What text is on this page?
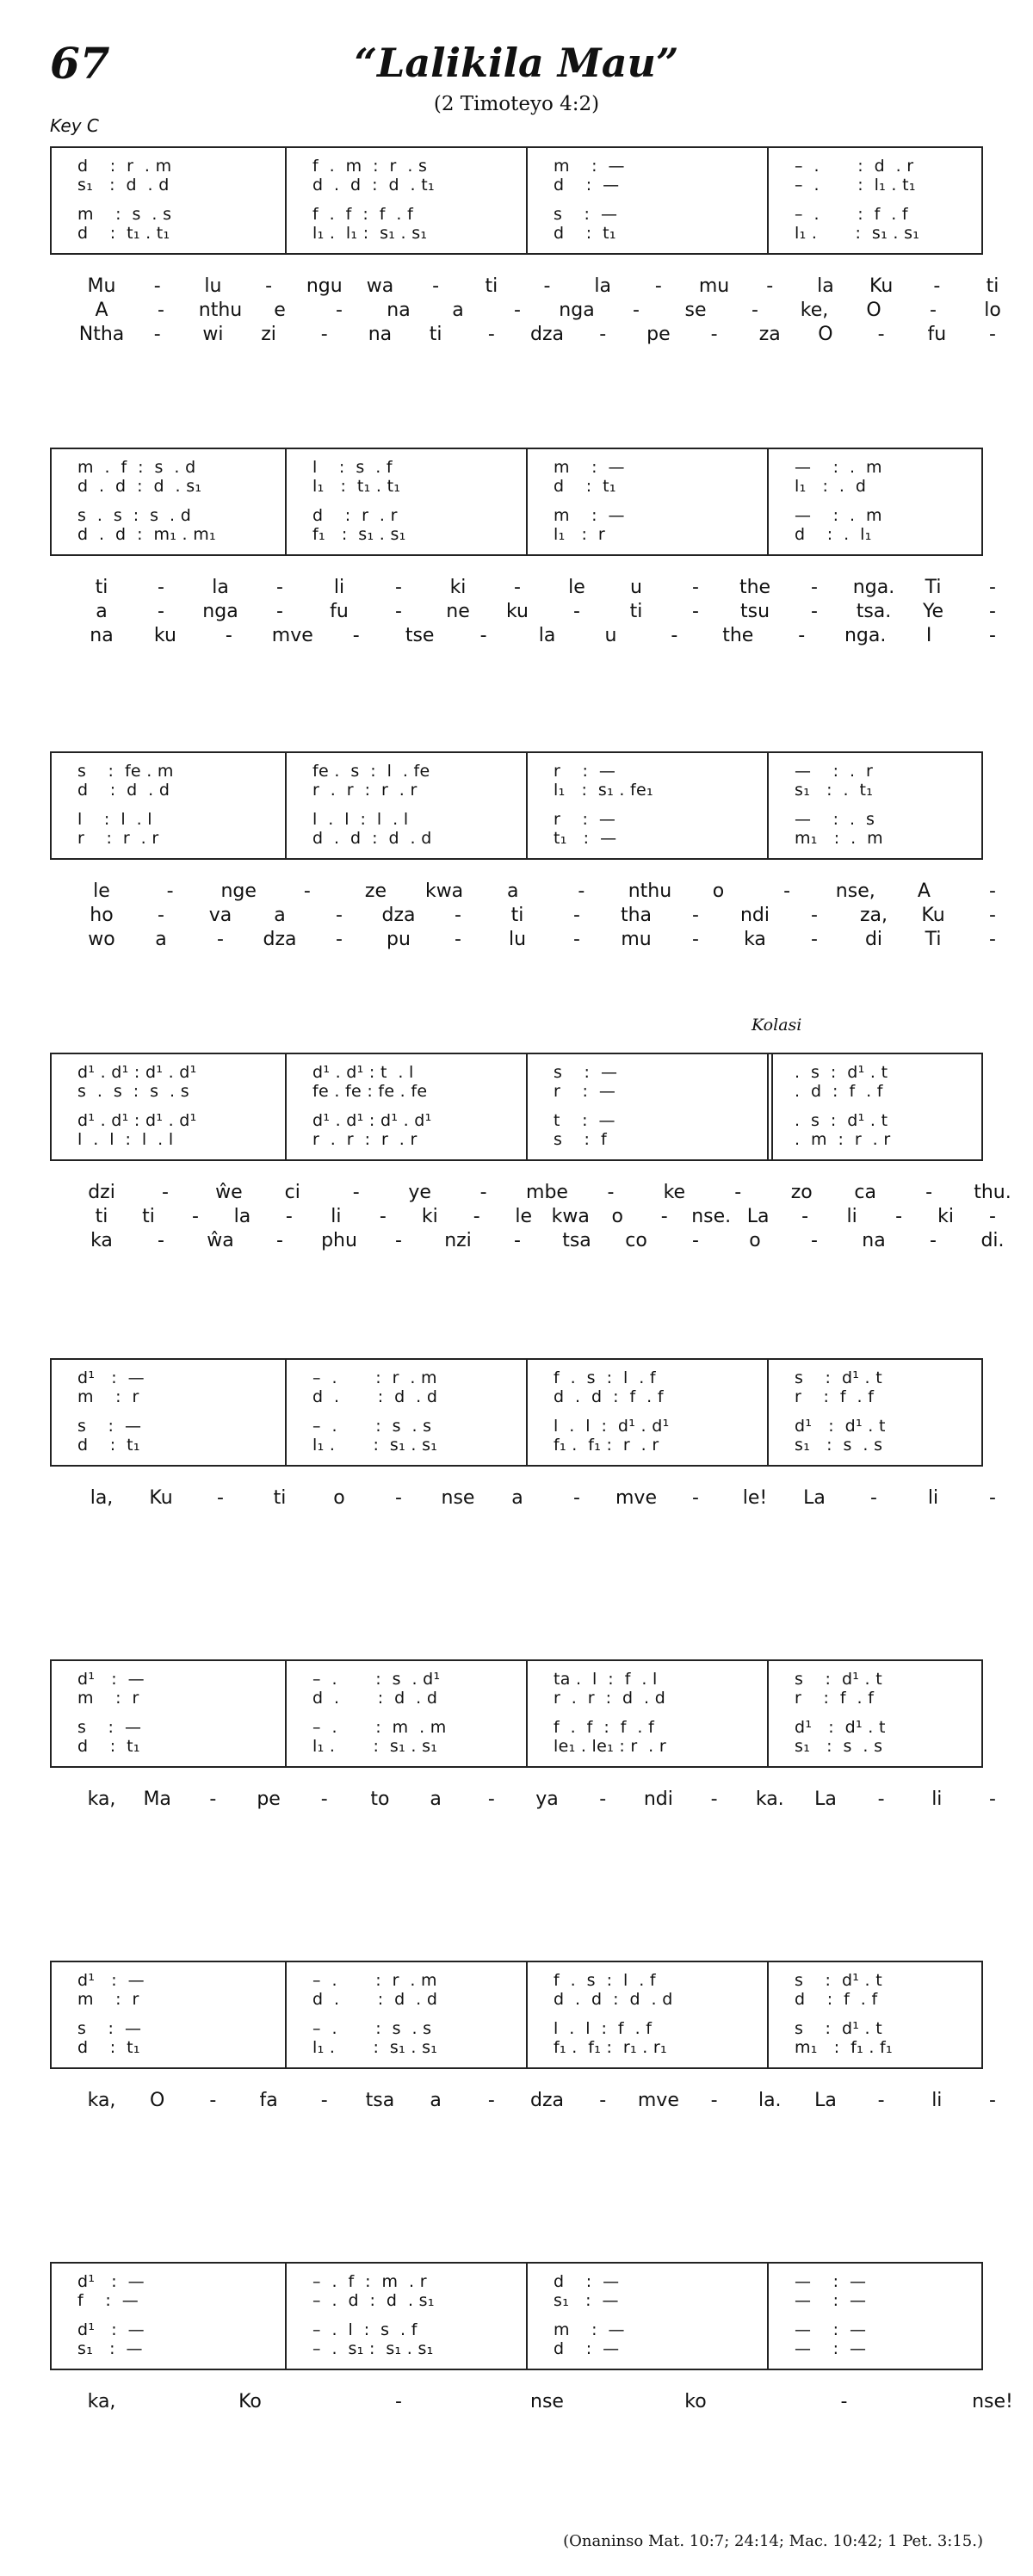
67	“Lalikila Mau”
(2 Timoteyo 4:2)
Key C
Kolasi
(Onaninso Mat. 10:7; 24:14; Mac. 10:42; 1 Pet. 3:15.)
d    :  r  . m	f  .  m  :  r  . s	m    :  —	–  .       :  d  . r
s₁   :  d  . d	d  .  d  :  d  . t₁	d    :  —	–  .       :  l₁ . t₁
m    :  s  . s	f  .  f  :  f  . f	s    :  —	–  .       :  f  . f
d    :  t₁ . t₁	l₁ .  l₁ :  s₁ . s₁	d    :  t₁	l₁ .       :  s₁ . s₁
Mu - lu - ngu wa - ti - la - mu - la Ku - ti
A	- nthu e	- na a	- nga - se - ke, O	-	lo
Ntha - wi zi - na ti - dza - pe - za O - fu -
m  .  f  :  s  . d	l    :  s  . f	m    :  —	—    :  .  m
d  .  d  :  d  . s₁	l₁   :  t₁ . t₁	d    :  t₁	l₁   :  .  d
s  .  s  :  s  . d	d    :  r  . r	m    :  —	—    :  .  m
d  .  d  :  m₁ . m₁	f₁   :  s₁ . s₁	l₁   :  r	d    :  .  l₁
ti	-	la	-	li	-	ki	-	le u	- the - nga. Ti	-
a	- nga - fu - ne ku -	ti	- tsu - tsa. Ye -
na ku	- mve - tse -	la	u	- the - nga. I	-
s    :  fe . m	fe .  s  :  l  . fe	r    :  —	—    :  .  r
d    :  d  . d	r  .  r  :  r  . r	l₁   :  s₁ . fe₁	s₁   :  .  t₁
l    :  l  . l	l  .  l  :  l  . l	r    :  —	—    :  .  s
r    :  r  . r	d  .  d  :  d  . d	t₁   :  —	m₁   :  .  m
le	- nge -	ze kwa a	- nthu o	- nse, A	-
ho - va a	- dza -	ti	- tha - ndi - za, Ku -
wo a	- dza - pu - lu - mu - ka - di Ti	-
d¹ . d¹ : d¹ . d¹	d¹ . d¹ : t  . l	s    :  —	.  s  :  d¹ . t
s  .  s  :  s  . s	fe . fe : fe . fe	r    :  —	.  d  :  f  . f
d¹ . d¹ : d¹ . d¹	d¹ . d¹ : d¹ . d¹	t    :  —	.  s  :  d¹ . t
l  .  l  :  l  . l	r  .  r  :  r  . r	s    :  f	.  m  :  r  . r
dzi - ŵe ci	-	ye	- mbe -	ke	-	zo ca	- thu.
ti ti - la - li - ki - le kwa o - nse. La - li - ki -
ka - ŵa - phu - nzi - tsa co -	o	- na - di.
d¹   :  —	–  .       :  r  . m	f  .  s  :  l  . f	s    :  d¹ . t
m    :  r	d  .       :  d  . d	d  .  d  :  f  . f	r    :  f  . f
s    :  —	–  .       :  s  . s	l  .  l  :  d¹ . d¹	d¹   :  d¹ . t
d    :  t₁	l₁ .       :  s₁ . s₁	f₁ .  f₁ :  r  . r	s₁   :  s  . s
la, Ku -	ti o	- nse a	- mve - le! La -	li	-
d¹   :  —	–  .       :  s  . d¹	ta .  l  :  f  . l	s    :  d¹ . t
m    :  r	d  .       :  d  . d	r  .  r  :  d  . d	r    :  f  . f
s    :  —	–  .       :  m  . m	f  .  f  :  f  . f	d¹   :  d¹ . t
d    :  t₁	l₁ .       :  s₁ . s₁	le₁ . le₁ : r  . r	s₁   :  s  . s
ka, Ma - pe - to a - ya - ndi - ka. La - li -
d¹   :  —	–  .       :  r  . m	f  .  s  :  l  . f	s    :  d¹ . t
m    :  r	d  .       :  d  . d	d  .  d  :  d  . d	d    :  f  . f
s    :  —	–  .       :  s  . s	l  .  l  :  f  . f	s    :  d¹ . t
d    :  t₁	l₁ .       :  s₁ . s₁	f₁ .  f₁ :  r₁ . r₁	m₁   :  f₁ . f₁
ka, O - fa - tsa a - dza - mve - la. La - li -
d¹   :  —	–  .  f  :  m  . r	d    :  —	—    :  —
f    :  —	–  .  d  :  d  . s₁	s₁   :  —	—    :  —
d¹   :  —	–  .  l  :  s  . f	m    :  —	—    :  —
s₁   :  —	–  .  s₁ :  s₁ . s₁	d    :  —	—    :  —
ka,	Ko	-	nse	ko	-	nse!
